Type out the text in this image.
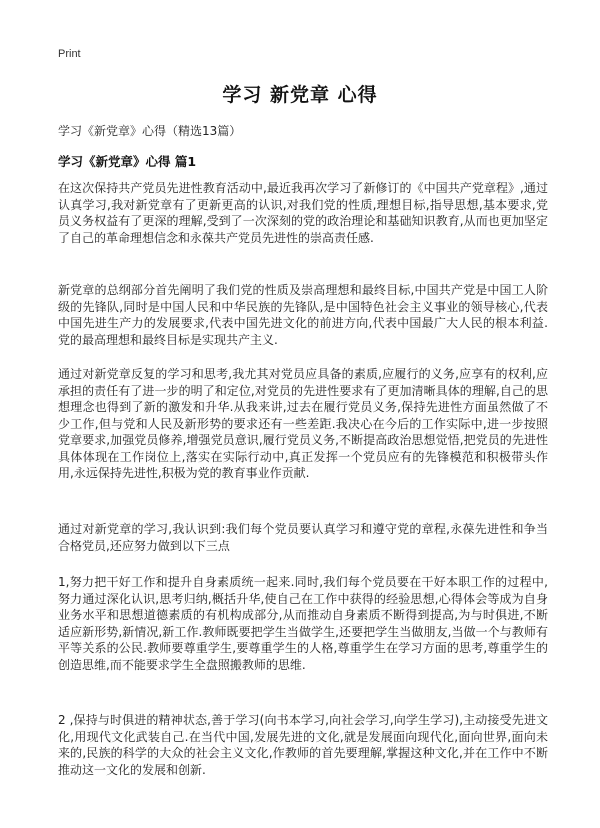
Print
学习 新党章 心得
学习《新党章》心得（精选13篇）
学习《新党章》心得 篇1

在这次保持共产党员先进性教育活动中,最近我再次学习了新修订的《中国共产党章程》,通过认真学习,我对新党章有了更新更高的认识,对我们党的性质,理想目标,指导思想,基本要求,党员义务权益有了更深的理解,受到了一次深刻的党的政治理论和基础知识教育,从而也更加坚定了自己的革命理想信念和永葆共产党员先进性的崇高责任感.

新党章的总纲部分首先阐明了我们党的性质及崇高理想和最终目标,中国共产党是中国工人阶级的先锋队,同时是中国人民和中华民族的先锋队,是中国特色社会主义事业的领导核心,代表中国先进生产力的发展要求,代表中国先进文化的前进方向,代表中国最广大人民的根本利益.党的最高理想和最终目标是实现共产主义.

通过对新党章反复的学习和思考,我尤其对党员应具备的素质,应履行的义务,应享有的权利,应承担的责任有了进一步的明了和定位,对党员的先进性要求有了更加清晰具体的理解,自己的思想理念也得到了新的激发和升华.从我来讲,过去在履行党员义务,保持先进性方面虽然做了不少工作,但与党和人民及新形势的要求还有一些差距.我决心在今后的工作实际中,进一步按照党章要求,加强党员修养,增强党员意识,履行党员义务,不断提高政治思想觉悟,把党员的先进性具体体现在工作岗位上,落实在实际行动中,真正发挥一个党员应有的先锋模范和积极带头作用,永远保持先进性,积极为党的教育事业作贡献.

通过对新党章的学习,我认识到:我们每个党员要认真学习和遵守党的章程,永葆先进性和争当合格党员,还应努力做到以下三点

1,努力把干好工作和提升自身素质统一起来.同时,我们每个党员要在干好本职工作的过程中,努力通过深化认识,思考归纳,概括升华,使自己在工作中获得的经验思想,心得体会等成为自身业务水平和思想道德素质的有机构成部分,从而推动自身素质不断得到提高,为与时俱进,不断适应新形势,新情况,新工作.教师既要把学生当做学生,还要把学生当做朋友,当做一个与教师有平等关系的公民.教师要尊重学生,要尊重学生的人格,尊重学生在学习方面的思考,尊重学生的创造思维,而不能要求学生全盘照搬教师的思维.

2 ,保持与时俱进的精神状态,善于学习(向书本学习,向社会学习,向学生学习),主动接受先进文化,用现代文化武装自己.在当代中国,发展先进的文化,就是发展面向现代化,面向世界,面向未来的,民族的科学的大众的社会主义文化,作教师的首先要理解,掌握这种文化,并在工作中不断推动这一文化的发展和创新.
